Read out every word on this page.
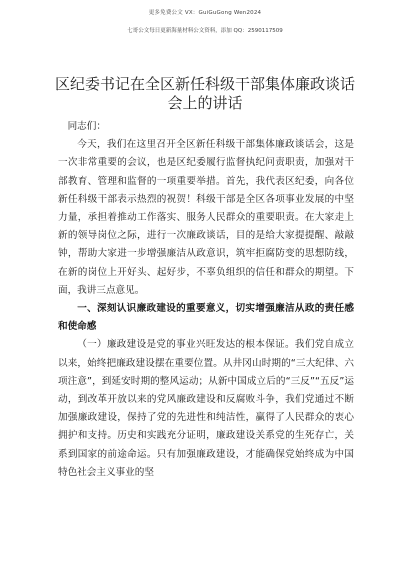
更多免费公文 VX：GuiGuGong Wen2024
七哥公文每日更新海量材料公文资料，添加 QQ：2590117509
区纪委书记在全区新任科级干部集体廉政谈话会上的讲话

同志们：

今天，我们在这里召开全区新任科级干部集体廉政谈话会，这是一次非常重要的会议，也是区纪委履行监督执纪问责职责，加强对干部教育、管理和监督的一项重要举措。首先，我代表区纪委，向各位新任科级干部表示热烈的祝贺！科级干部是全区各项事业发展的中坚力量，承担着推动工作落实、服务人民群众的重要职责。在大家走上新的领导岗位之际，进行一次廉政谈话，目的是给大家提提醒、敲敲钟，帮助大家进一步增强廉洁从政意识，筑牢拒腐防变的思想防线，在新的岗位上开好头、起好步，不辜负组织的信任和群众的期望。下面，我讲三点意见。

一、深刻认识廉政建设的重要意义，切实增强廉洁从政的责任感和使命感

（一）廉政建设是党的事业兴旺发达的根本保证。我们党自成立以来，始终把廉政建设摆在重要位置。从井冈山时期的“三大纪律、六项注意”，到延安时期的整风运动；从新中国成立后的“三反”“五反”运动，到改革开放以来的党风廉政建设和反腐败斗争，我们党通过不断加强廉政建设，保持了党的先进性和纯洁性，赢得了人民群众的衷心拥护和支持。历史和实践充分证明，廉政建设关系党的生死存亡，关系到国家的前途命运。只有加强廉政建设，才能确保党始终成为中国特色社会主义事业的坚
